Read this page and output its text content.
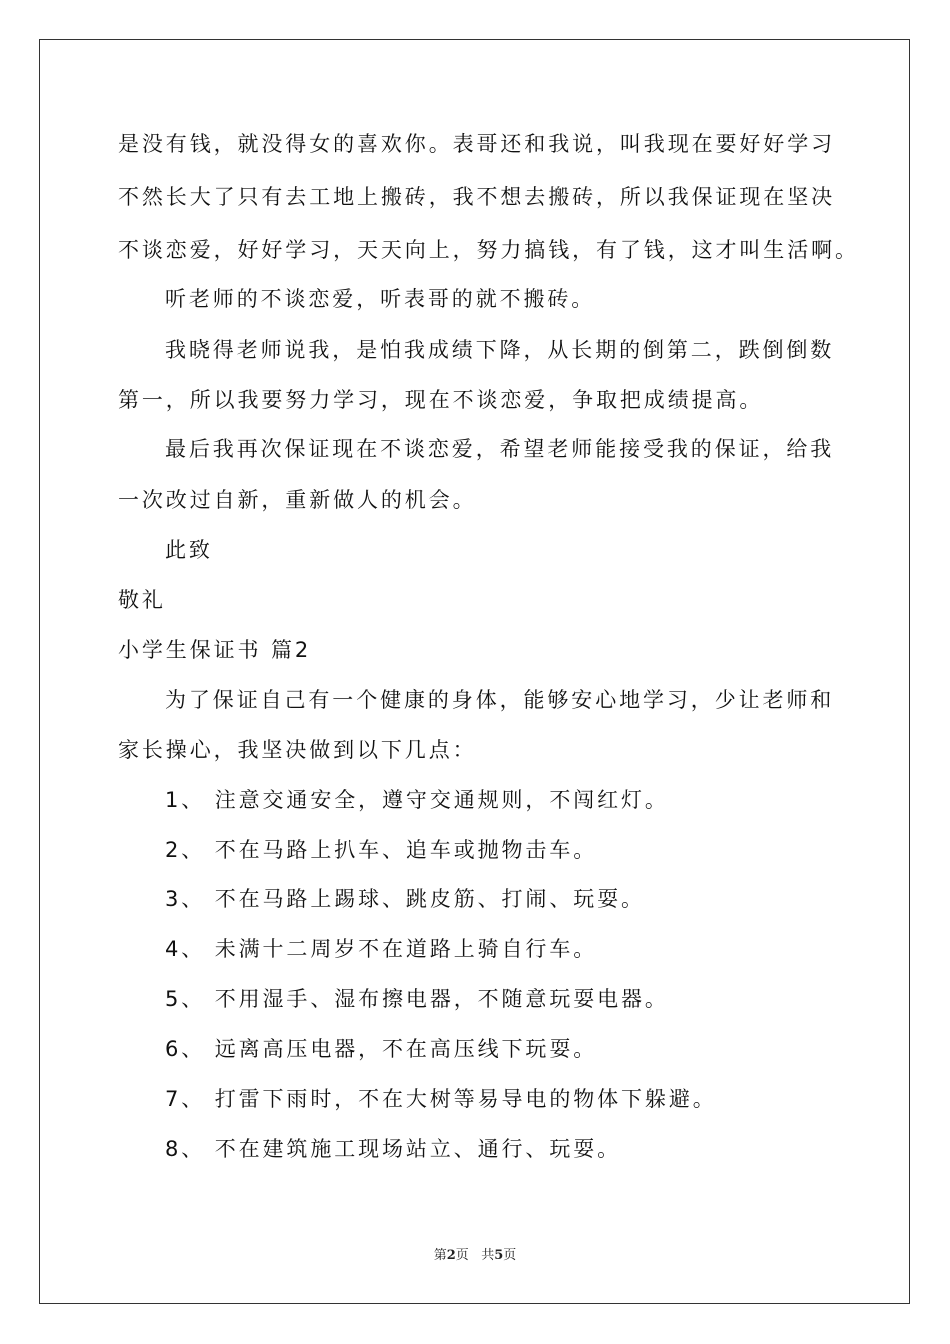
是没有钱，就没得女的喜欢你。表哥还和我说，叫我现在要好好学习
不然长大了只有去工地上搬砖，我不想去搬砖，所以我保证现在坚决
不谈恋爱，好好学习，天天向上，努力搞钱，有了钱，这才叫生活啊。
听老师的不谈恋爱，听表哥的就不搬砖。
我晓得老师说我，是怕我成绩下降，从长期的倒第二，跌倒倒数
第一，所以我要努力学习，现在不谈恋爱，争取把成绩提高。
最后我再次保证现在不谈恋爱，希望老师能接受我的保证，给我
一次改过自新，重新做人的机会。
此致
敬礼
小学生保证书 篇2
为了保证自己有一个健康的身体，能够安心地学习，少让老师和
家长操心，我坚决做到以下几点：
1、 注意交通安全，遵守交通规则，不闯红灯。
2、 不在马路上扒车、追车或抛物击车。
3、 不在马路上踢球、跳皮筋、打闹、玩耍。
4、 未满十二周岁不在道路上骑自行车。
5、 不用湿手、湿布擦电器，不随意玩耍电器。
6、 远离高压电器，不在高压线下玩耍。
7、 打雷下雨时，不在大树等易导电的物体下躲避。
8、 不在建筑施工现场站立、通行、玩耍。
第2页 共5页
